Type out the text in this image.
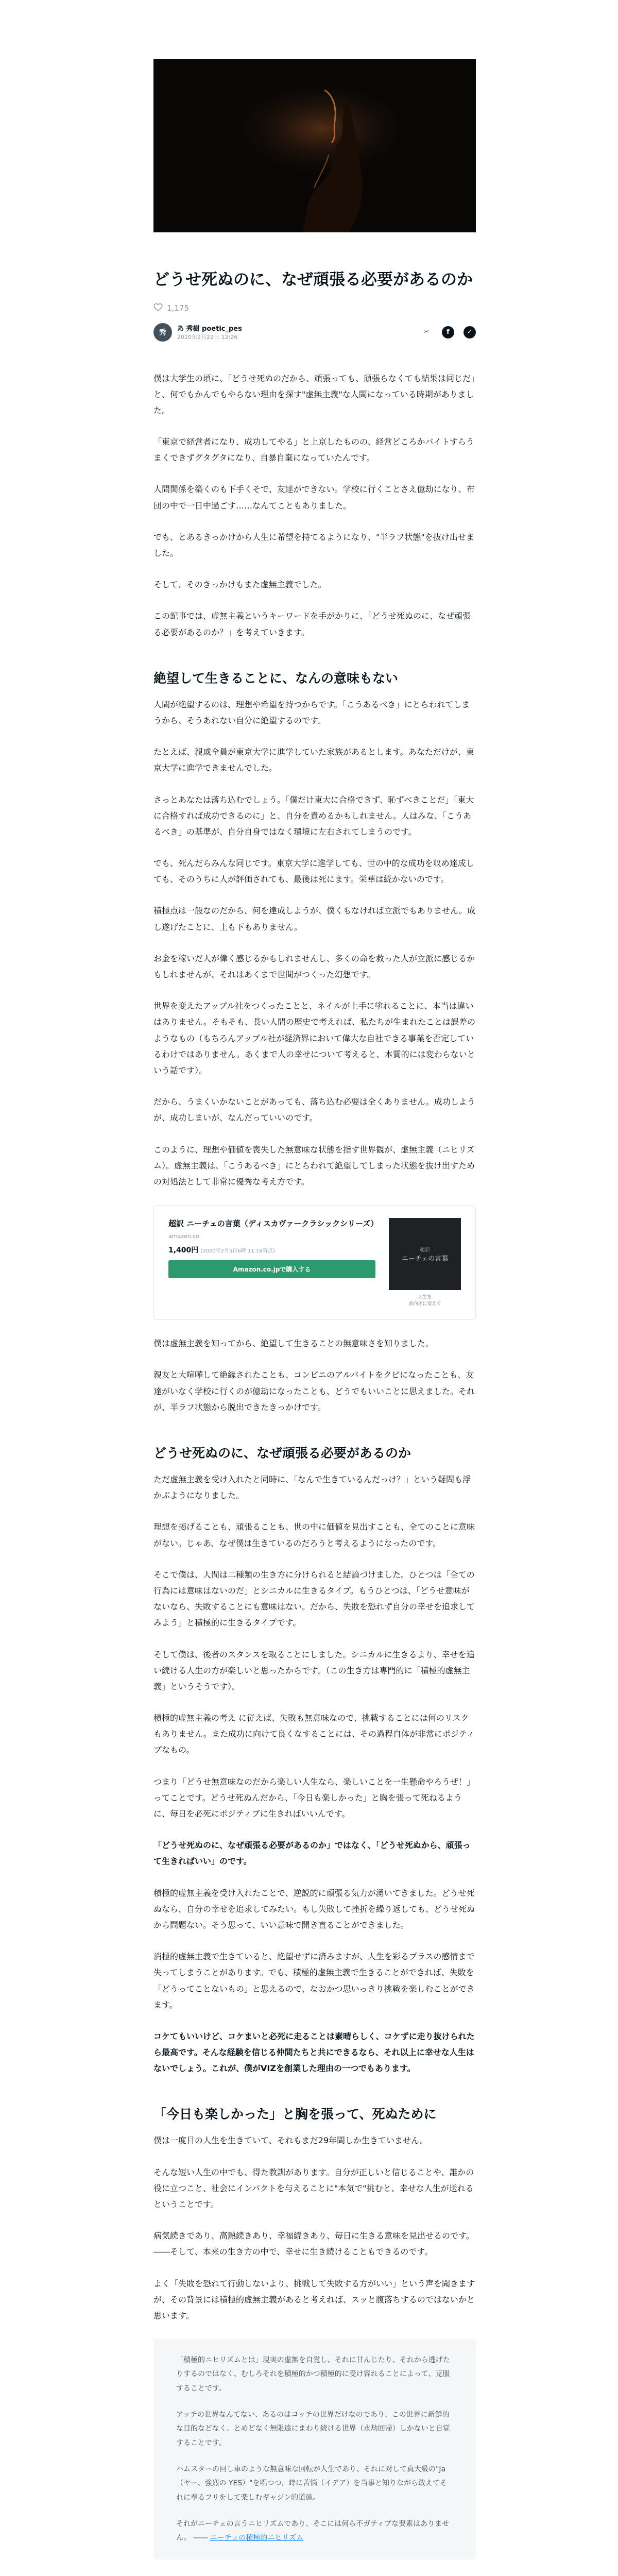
どうせ死ぬのに、なぜ頑張る必要があるのか
1,175
秀	あ 秀樹 poetic_pes
2020年2月22日 12:26
✂	f	✓

僕は大学生の頃に、「どうせ死ぬのだから、頑張っても、頑張らなくても結果は同じだ」と、何でもかんでもやらない理由を探す"虚無主義"な人間になっている時期がありました。

「東京で経営者になり、成功してやる」と上京したものの、経営どころかバイトすらうまくできずグタグタになり、自暴自棄になっていたんです。

人間関係を築くのも下手くそで、友達ができない。学校に行くことさえ億劫になり、布団の中で一日中過ごす……なんてこともありました。

でも、とあるきっかけから人生に希望を持てるようになり、"半ラフ状態"を抜け出せました。

そして、そのきっかけもまた虚無主義でした。

この記事では、虚無主義というキーワードを手がかりに、「どうせ死ぬのに、なぜ頑張る必要があるのか？」を考えていきます。

絶望して生きることに、なんの意味もない

人間が絶望するのは、理想や希望を持つからです。「こうあるべき」にとらわれてしまうから、そうあれない自分に絶望するのです。

たとえば、親戚全員が東京大学に進学していた家族があるとします。あなただけが、東京大学に進学できませんでした。

さっとあなたは落ち込むでしょう。「僕だけ東大に合格できず、恥ずべきことだ」「東大に合格すれば成功できるのに」と、自分を責めるかもしれません。人はみな、「こうあるべき」の基準が、自分自身ではなく環境に左右されてしまうのです。

でも、死んだらみんな同じです。東京大学に進学しても、世の中的な成功を収め達成しても、そのうちに人が評価されても、最後は死にます。栄華は続かないのです。

積極点は一般なのだから、何を達成しようが、僕くもなければ立派でもありません。成し遂げたことに、上も下もありません。

お金を稼いだ人が偉く感じるかもしれませんし、多くの命を救った人が立派に感じるかもしれませんが、それはあくまで世間がつくった幻想です。

世界を変えたアップル社をつくったことと、ネイルが上手に塗れることに、本当は違いはありません。そもそも、長い人間の歴史で考えれば、私たちが生まれたことは誤差のようなもの（もちろんアップル社が経済界において偉大な自社できる事業を否定しているわけではありません。あくまで人の幸せについて考えると、本質的には変わらないという話です）。

だから、うまくいかないことがあっても、落ち込む必要は全くありません。成功しようが、成功しまいが、なんだっていいのです。

このように、理想や価値を喪失した無意味な状態を指す世界観が、虚無主義（ニヒリズム）。虚無主義は、「こうあるべき」にとらわれて絶望してしまった状態を抜け出すための対処法として非常に優秀な考え方です。

超訳 ニーチェの言葉（ディスカヴァークラシックシリーズ）
amazon.co
1,400円 (2020年2月5日6時 11:18時点)
Amazon.co.jpで購入する
超訳
ニーチェの言葉
人生を
前向きに変えて

僕は虚無主義を知ってから、絶望して生きることの無意味さを知りました。

親友と大喧嘩して絶縁されたことも、コンビニのアルバイトをクビになったことも、友達がいなく学校に行くのが億劫になったことも、どうでもいいことに思えました。それが、半ラフ状態から脱出できたきっかけです。

どうせ死ぬのに、なぜ頑張る必要があるのか

ただ虚無主義を受け入れたと同時に、「なんで生きているんだっけ？」という疑問も浮かぶようになりました。

理想を掲げることも、頑張ることも、世の中に価値を見出すことも、全てのことに意味がない。じゃあ、なぜ僕は生きているのだろうと考えるようになったのです。

そこで僕は、人間は二種類の生き方に分けられると結論づけました。ひとつは「全ての行為には意味はないのだ」とシニカルに生きるタイプ。もうひとつは、「どうせ意味がないなら、失敗することにも意味はない。だから、失敗を恐れず自分の幸せを追求してみよう」と積極的に生きるタイプです。

そして僕は、後者のスタンスを取ることにしました。シニカルに生きるより、幸せを追い続ける人生の方が楽しいと思ったからです。（この生き方は専門的に「積極的虚無主義」というそうです）。

積極的虚無主義の考え に従えば、失敗も無意味なので、挑戦することには何のリスクもありません。また成功に向けて良くなすることには、その過程自体が非常にポジティブなもの。

つまり「どうせ無意味なのだから楽しい人生なら、楽しいことを一生懸命やろうぜ！」ってことです。どうせ死ぬんだから、「今日も楽しかった」と胸を張って死ねるように、毎日を必死にポジティブに生きればいいんです。

「どうせ死ぬのに、なぜ頑張る必要があるのか」ではなく、「どうせ死ぬから、頑張って生きればいい」のです。

積極的虚無主義を受け入れたことで、逆説的に頑張る気力が湧いてきました。どうせ死ぬなら、自分の幸せを追求してみたい。もし失敗して挫折を繰り返しても、どうせ死ぬから問題ない。そう思って、いい意味で開き直ることができました。

消極的虚無主義で生きていると、絶望せずに済みますが、人生を彩るプラスの感情まで失ってしまうことがあります。でも、積極的虚無主義で生きることができれば、失敗を「どうってことないもの」と思えるので、なおかつ思いっきり挑戦を楽しむことができます。

コケてもいいけど、コケまいと必死に走ることは素晴らしく、コケずに走り抜けられたら最高です。そんな経験を信じる仲間たちと共にできるなら、それ以上に幸せな人生はないでしょう。これが、僕がVIZを創業した理由の一つでもあります。

「今日も楽しかった」と胸を張って、死ぬために

僕は一度目の人生を生きていて、それもまだ29年間しか生きていません。

そんな短い人生の中でも、得た教訓があります。自分が正しいと信じることや、誰かの役に立つこと、社会にインパクトを与えることに"本気で"挑むと、幸せな人生が送れるということです。

病気続きであり、高熱続きあり、幸福続きあり、毎日に生きる意味を見出せるのです。――そして、本来の生き方の中で、幸せに生き続けることもできるのです。

よく「失敗を恐れて行動しないより、挑戦して失敗する方がいい」という声を聞きますが、その背景には積極的虚無主義があると考えれば、スッと腹落ちするのではないかと思います。

「積極的ニヒリズムとは」現実の虚無を自覚し、それに甘んじたり、それから逃げたりするのではなく、むしろそれを積極的かつ積極的に受け容れることによって、克服することです。

アッチの世界なんてない、あるのはコッチの世界だけなのであり、この世界に新鮮的な目的などなく、とめどなく無限遠にまわり続ける世界（永劫回帰）しかないと自覚することです。

ハムスターの回し車のような無意味な回転が人生であり、それに対して真大級の"Ja（ヤー、強烈の YES）"を唱つつ、時に苦悩（イデア）を当事と知りながら敢えてそれに奉るフリをして楽しむギャジン的道徳。

それがニーチェの言うニヒリズムであり、そこには何ら不ガティブな要素はありません。 ―― ニーチェの積極的ニヒリズム
